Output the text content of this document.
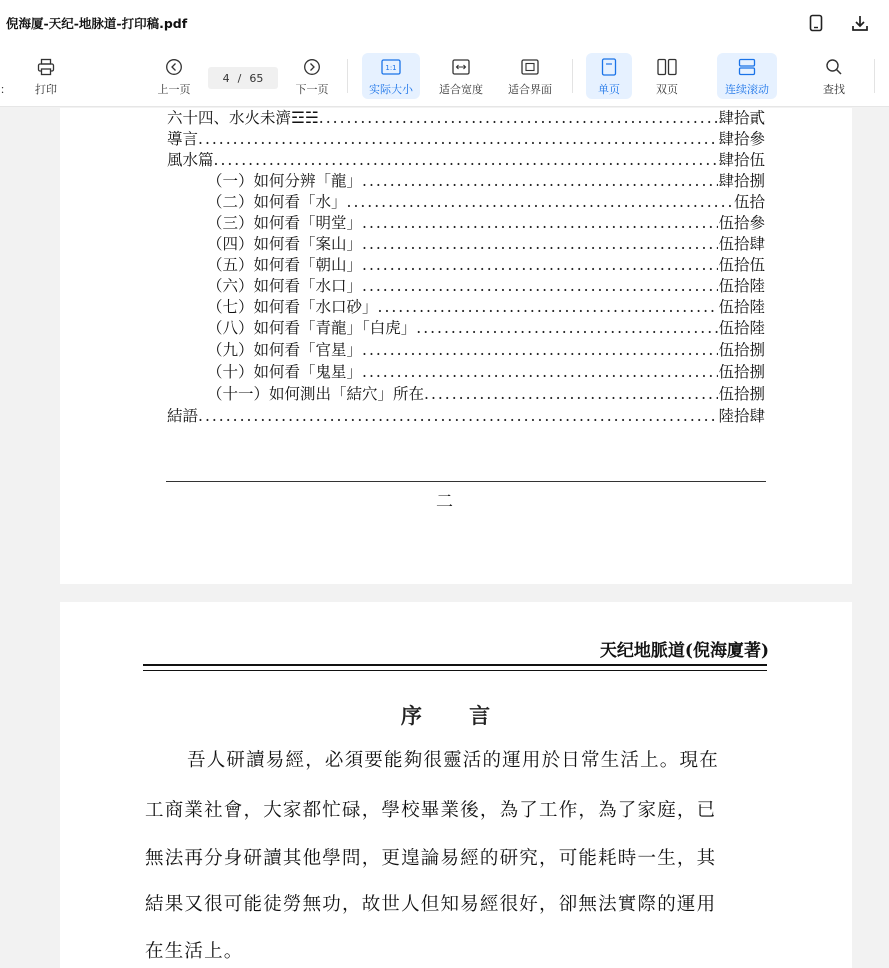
倪海厦-天纪-地脉道-打印稿.pdf
： 打印	上一页
4 / 65
下一页
1:1
实际大小 适合宽度 适合界面	单页	双页	连续滚动	查找
六十四、水火未濟☲☵ .....	肆拾貳
導言 .....	肆拾參
風水篇 .....	肆拾伍
（一）如何分辨「龍」 .....	肆拾捌
（二）如何看「水」 .....	伍拾
（三）如何看「明堂」 .....	伍拾參
（四）如何看「案山」 .....	伍拾肆
（五）如何看「朝山」 .....	伍拾伍
（六）如何看「水口」 .....	伍拾陸
（七）如何看「水口砂」 .....	伍拾陸
（八）如何看「青龍」「白虎」 .....	伍拾陸
（九）如何看「官星」 .....	伍拾捌
（十）如何看「鬼星」 .....	伍拾捌
（十一）如何測出「結穴」所在 .....	伍拾捌
結語 .....	陸拾肆
二
天纪地脈道(倪海廈著)
序 言
吾人研讀易經，必須要能夠很靈活的運用於日常生活上。現在
工商業社會，大家都忙碌，學校畢業後，為了工作，為了家庭，已
無法再分身研讀其他學問，更遑論易經的研究，可能耗時一生，其
結果又很可能徒勞無功，故世人但知易經很好，卻無法實際的運用
在生活上。
